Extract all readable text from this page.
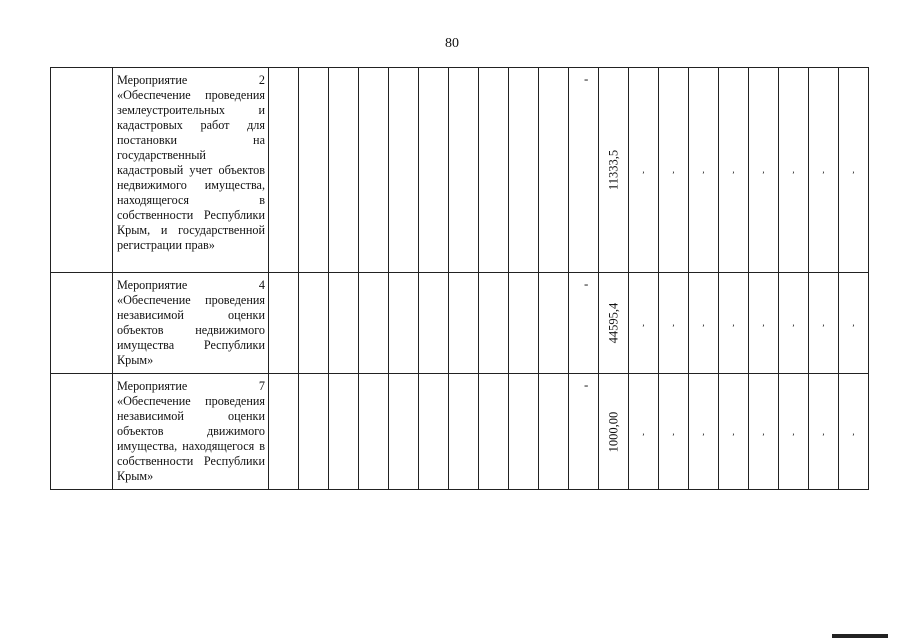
80
	Мероприятие 2 «Обеспечение проведения землеустроительных и кадастровых работ для постановки на государственный кадастровый учет объектов недвижимого имущества, находящегося в собственности Республики Крым, и государственной регистрации прав»											-	11333,5	,	,	,	,	,	,	,	,

	Мероприятие 4 «Обеспечение проведения независимой оценки объектов недвижимого имущества Республики Крым»											-	44595,4	,	,	,	,	,	,	,	,

	Мероприятие 7 «Обеспечение проведения независимой оценки объектов движимого имущества, находящегося в собственности Республики Крым»											-	1000,00	,	,	,	,	,	,	,	,
